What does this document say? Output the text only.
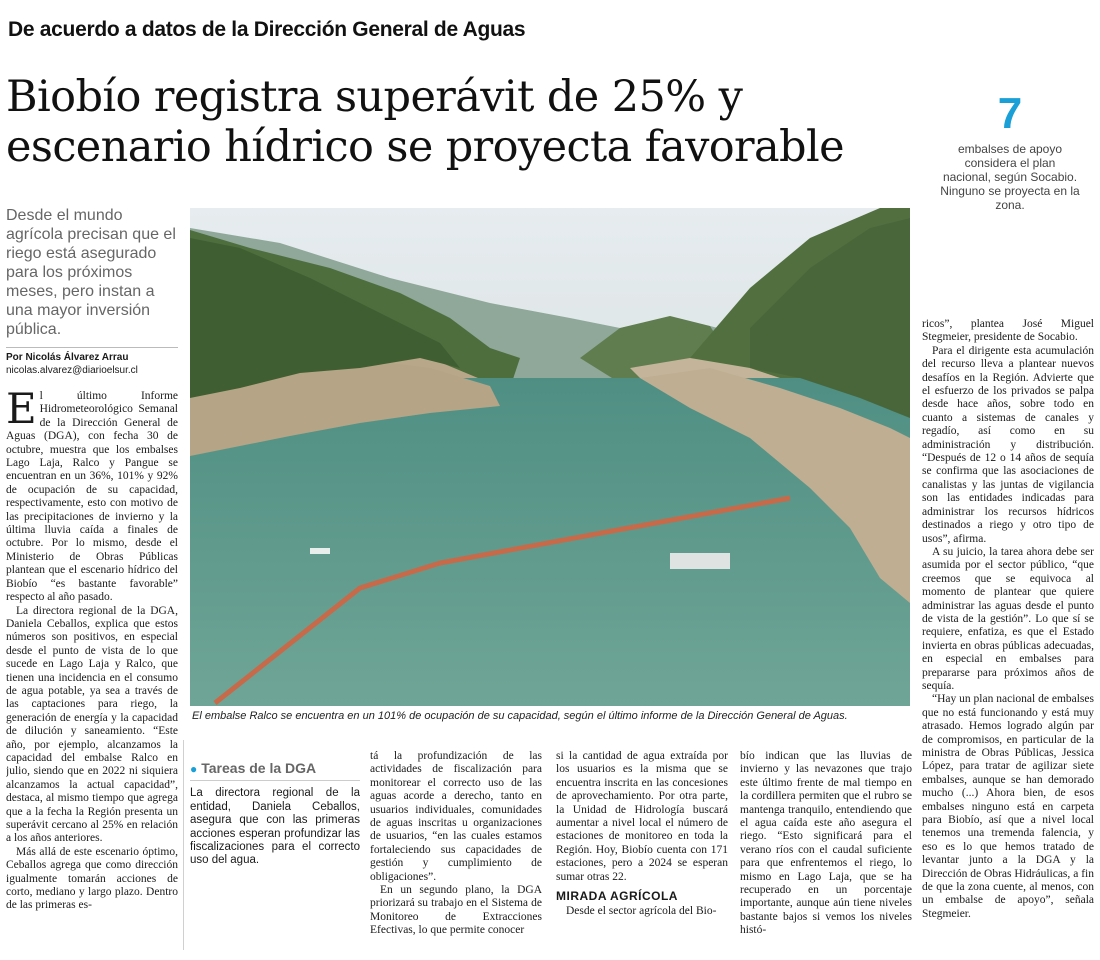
De acuerdo a datos de la Dirección General de Aguas
Biobío registra superávit de 25% y
escenario hídrico se proyecta favorable
7
embalses de apoyo considera el plan nacional, según Socabio. Ninguno se proyecta en la zona.
Desde el mundo agrícola precisan que el riego está asegurado para los próximos meses, pero instan a una mayor inversión pública.
Por Nicolás Álvarez Arrau
nicolas.alvarez@diarioelsur.cl
El embalse Ralco se encuentra en un 101% de ocupación de su capacidad, según el último informe de la Dirección General de Aguas.

El último Informe Hidrometeorológico Semanal de la Dirección General de Aguas (DGA), con fecha 30 de octubre, muestra que los embalses Lago Laja, Ralco y Pangue se encuentran en un 36%, 101% y 92% de ocupación de su capacidad, respectivamente, esto con motivo de las precipitaciones de invierno y la última lluvia caída a finales de octubre. Por lo mismo, desde el Ministerio de Obras Públicas plantean que el escenario hídrico del Biobío “es bastante favorable” respecto al año pasado.

La directora regional de la DGA, Daniela Ceballos, explica que estos números son positivos, en especial desde el punto de vista de lo que sucede en Lago Laja y Ralco, que tienen una incidencia en el consumo de agua potable, ya sea a través de las captaciones para riego, la generación de energía y la capacidad de dilución y saneamiento. “Este año, por ejemplo, alcanzamos la capacidad del embalse Ralco en julio, siendo que en 2022 ni siquiera alcanzamos la actual capacidad”, destaca, al mismo tiempo que agrega que a la fecha la Región presenta un superávit cercano al 25% en relación a los años anteriores.

Más allá de este escenario óptimo, Ceballos agrega que como dirección igualmente tomarán acciones de corto, mediano y largo plazo. Dentro de las primeras es-

● Tareas de la DGA
La directora regional de la entidad, Daniela Ceballos, asegura que con las primeras acciones esperan profundizar las fiscalizaciones para el correcto uso del agua.

tá la profundización de las actividades de fiscalización para monitorear el correcto uso de las aguas acorde a derecho, tanto en usuarios individuales, comunidades de aguas inscritas u organizaciones de usuarios, “en las cuales estamos fortaleciendo sus capacidades de gestión y cumplimiento de obligaciones”.

En un segundo plano, la DGA priorizará su trabajo en el Sistema de Monitoreo de Extracciones Efectivas, lo que permite conocer

si la cantidad de agua extraída por los usuarios es la misma que se encuentra inscrita en las concesiones de aprovechamiento. Por otra parte, la Unidad de Hidrología buscará aumentar a nivel local el número de estaciones de monitoreo en toda la Región. Hoy, Biobío cuenta con 171 estaciones, pero a 2024 se esperan sumar otras 22.

MIRADA AGRÍCOLA

Desde el sector agrícola del Bio-

bío indican que las lluvias de invierno y las nevazones que trajo este último frente de mal tiempo en la cordillera permiten que el rubro se mantenga tranquilo, entendiendo que el agua caída este año asegura el riego. “Esto significará para el verano ríos con el caudal suficiente para que enfrentemos el riego, lo mismo en Lago Laja, que se ha recuperado en un porcentaje importante, aunque aún tiene niveles bastante bajos si vemos los niveles histó-

ricos”, plantea José Miguel Stegmeier, presidente de Socabio.

Para el dirigente esta acumulación del recurso lleva a plantear nuevos desafíos en la Región. Advierte que el esfuerzo de los privados se palpa desde hace años, sobre todo en cuanto a sistemas de canales y regadío, así como en su administración y distribución. “Después de 12 o 14 años de sequía se confirma que las asociaciones de canalistas y las juntas de vigilancia son las entidades indicadas para administrar los recursos hídricos destinados a riego y otro tipo de usos”, afirma.

A su juicio, la tarea ahora debe ser asumida por el sector público, “que creemos que se equivoca al momento de plantear que quiere administrar las aguas desde el punto de vista de la gestión”. Lo que sí se requiere, enfatiza, es que el Estado invierta en obras públicas adecuadas, en especial en embalses para prepararse para próximos años de sequía.

“Hay un plan nacional de embalses que no está funcionando y está muy atrasado. Hemos logrado algún par de compromisos, en particular de la ministra de Obras Públicas, Jessica López, para tratar de agilizar siete embalses, aunque se han demorado mucho (...) Ahora bien, de esos embalses ninguno está en carpeta para Biobío, así que a nivel local tenemos una tremenda falencia, y eso es lo que hemos tratado de levantar junto a la DGA y la Dirección de Obras Hidráulicas, a fin de que la zona cuente, al menos, con un embalse de apoyo”, señala Stegmeier.
